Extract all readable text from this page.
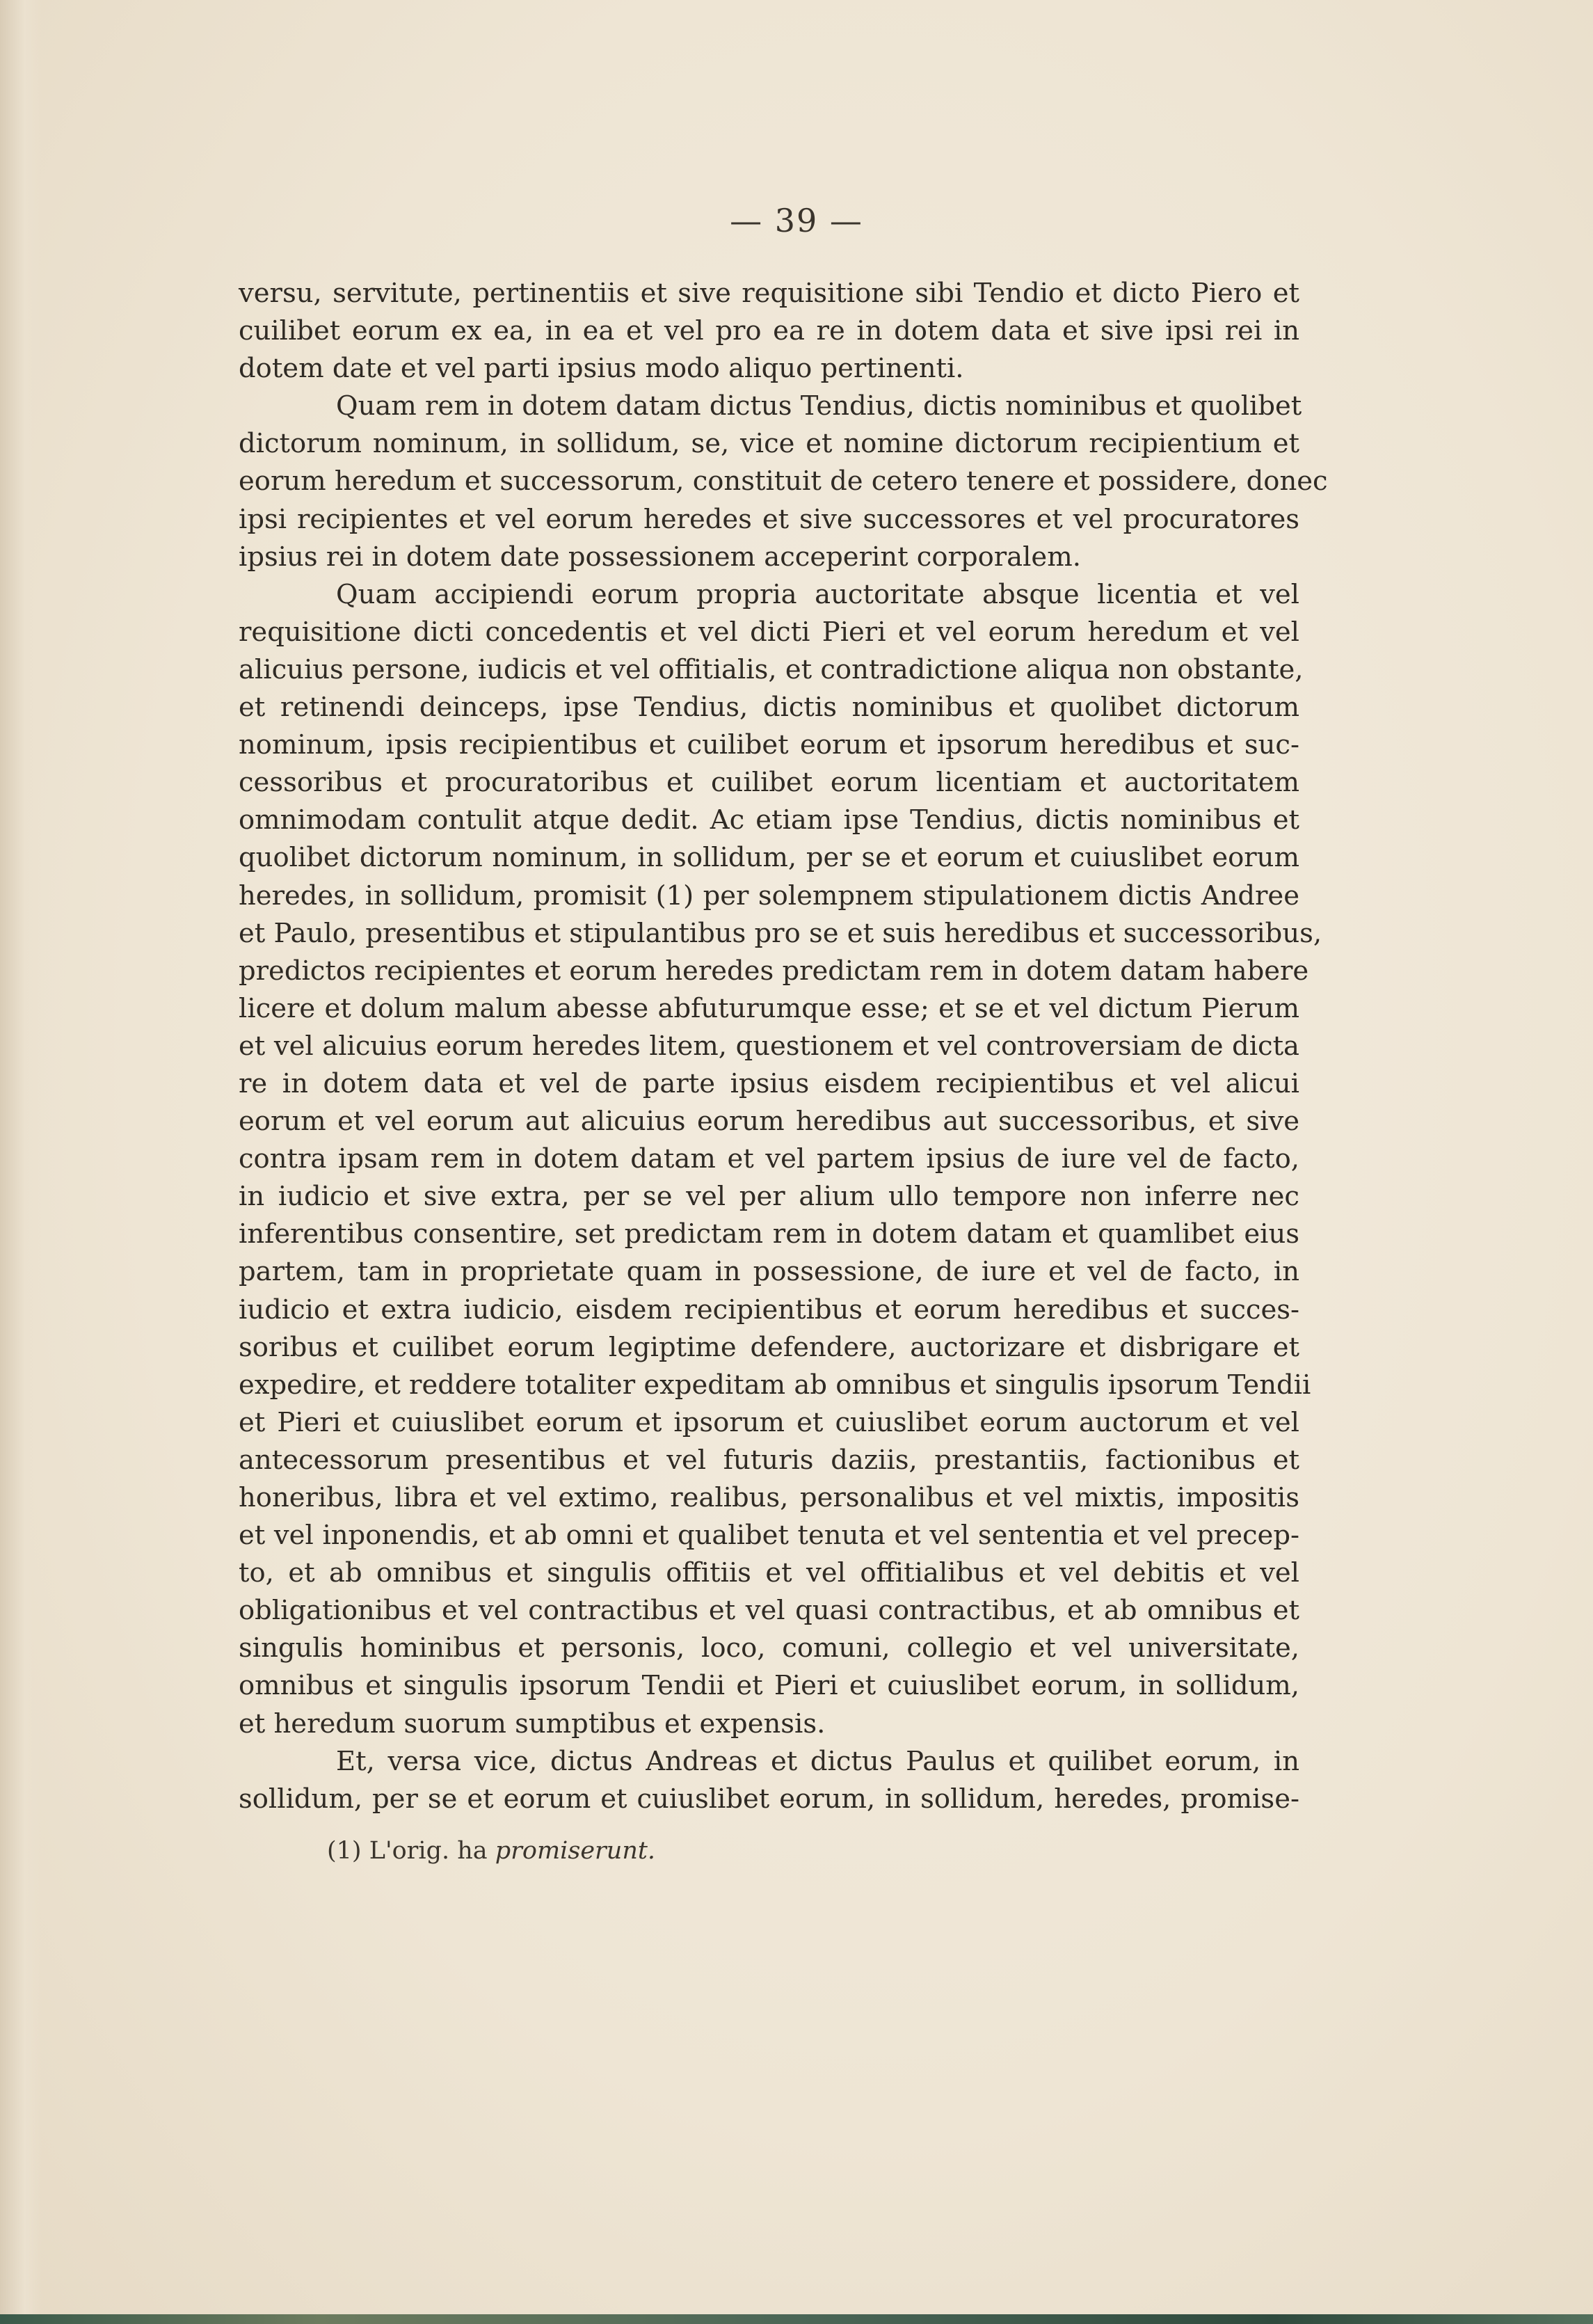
— 39 —
versu, servitute, pertinentiis et sive requisitione sibi Tendio et dicto Piero et
cuilibet eorum ex ea, in ea et vel pro ea re in dotem data et sive ipsi rei in
dotem date et vel parti ipsius modo aliquo pertinenti.
Quam rem in dotem datam dictus Tendius, dictis nominibus et quolibet
dictorum nominum, in sollidum, se, vice et nomine dictorum recipientium et
eorum heredum et successorum, constituit de cetero tenere et possidere, donec
ipsi recipientes et vel eorum heredes et sive successores et vel procuratores
ipsius rei in dotem date possessionem acceperint corporalem.
Quam accipiendi eorum propria auctoritate absque licentia et vel
requisitione dicti concedentis et vel dicti Pieri et vel eorum heredum et vel
alicuius persone, iudicis et vel offitialis, et contradictione aliqua non obstante,
et retinendi deinceps, ipse Tendius, dictis nominibus et quolibet dictorum
nominum, ipsis recipientibus et cuilibet eorum et ipsorum heredibus et suc-
cessoribus et procuratoribus et cuilibet eorum licentiam et auctoritatem
omnimodam contulit atque dedit. Ac etiam ipse Tendius, dictis nominibus et
quolibet dictorum nominum, in sollidum, per se et eorum et cuiuslibet eorum
heredes, in sollidum, promisit (1) per solempnem stipulationem dictis Andree
et Paulo, presentibus et stipulantibus pro se et suis heredibus et successoribus,
predictos recipientes et eorum heredes predictam rem in dotem datam habere
licere et dolum malum abesse abfuturumque esse; et se et vel dictum Pierum
et vel alicuius eorum heredes litem, questionem et vel controversiam de dicta
re in dotem data et vel de parte ipsius eisdem recipientibus et vel alicui
eorum et vel eorum aut alicuius eorum heredibus aut successoribus, et sive
contra ipsam rem in dotem datam et vel partem ipsius de iure vel de facto,
in iudicio et sive extra, per se vel per alium ullo tempore non inferre nec
inferentibus consentire, set predictam rem in dotem datam et quamlibet eius
partem, tam in proprietate quam in possessione, de iure et vel de facto, in
iudicio et extra iudicio, eisdem recipientibus et eorum heredibus et succes-
soribus et cuilibet eorum legiptime defendere, auctorizare et disbrigare et
expedire, et reddere totaliter expeditam ab omnibus et singulis ipsorum Tendii
et Pieri et cuiuslibet eorum et ipsorum et cuiuslibet eorum auctorum et vel
antecessorum presentibus et vel futuris daziis, prestantiis, factionibus et
honeribus, libra et vel extimo, realibus, personalibus et vel mixtis, impositis
et vel inponendis, et ab omni et qualibet tenuta et vel sententia et vel precep-
to, et ab omnibus et singulis offitiis et vel offitialibus et vel debitis et vel
obligationibus et vel contractibus et vel quasi contractibus, et ab omnibus et
singulis hominibus et personis, loco, comuni, collegio et vel universitate,
omnibus et singulis ipsorum Tendii et Pieri et cuiuslibet eorum, in sollidum,
et heredum suorum sumptibus et expensis.
Et, versa vice, dictus Andreas et dictus Paulus et quilibet eorum, in
sollidum, per se et eorum et cuiuslibet eorum, in sollidum, heredes, promise-
(1) L'orig. ha promiserunt.
